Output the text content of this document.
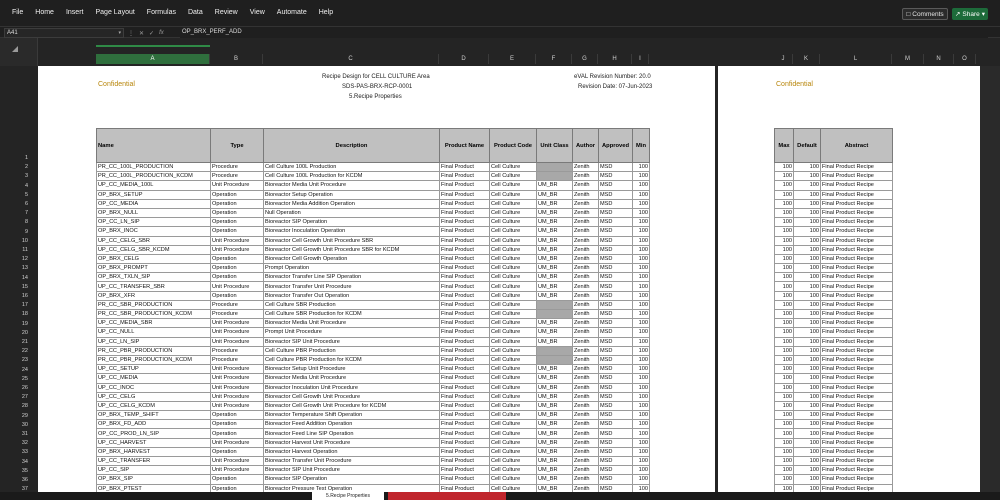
File	Home	Insert	Page Layout	Formulas	Data	Review	View	Automate	Help	□ Comments ↗ Share ▾
A41	▾ ⋮ ✕ ✓ fx	OP_BRX_PERF_ADD
A	B	C	D	E	F	G	H	I	J	K	L	M	N	O
1
2
3
4
5
6
7
8
9
10
11
12
13
14
15
16
17
18
19
20
21
22
23
24
25
26
27
28
29
30
31
32
33
34
35
36
37
Confidential
Recipe Design for CELL CULTURE Area
SDS-PAS-BRX-RCP-0001
5.Recipe Properties
eVAL Revision Number: 20.0
Revision Date: 07-Jun-2023
Name	Type	Description	Product Name	Product Code	Unit Class	Author	Approved	Min
PR_CC_100L_PRODUCTION	Procedure	Cell Culture 100L Production	Final Product	Cell Culture		Zenith	MSD	100
PR_CC_100L_PRODUCTION_KCDM	Procedure	Cell Culture 100L Production for KCDM	Final Product	Cell Culture		Zenith	MSD	100
UP_CC_MEDIA_100L	Unit Procedure	Bioreactor Media Unit Procedure	Final Product	Cell Culture	UM_BR	Zenith	MSD	100
OP_BRX_SETUP	Operation	Bioreactor Setup Operation	Final Product	Cell Culture	UM_BR	Zenith	MSD	100
OP_CC_MEDIA	Operation	Bioreactor Media Addition Operation	Final Product	Cell Culture	UM_BR	Zenith	MSD	100
OP_BRX_NULL	Operation	Null Operation	Final Product	Cell Culture	UM_BR	Zenith	MSD	100
OP_CC_LN_SIP	Operation	Bioreactor SIP Operation	Final Product	Cell Culture	UM_BR	Zenith	MSD	100
OP_BRX_INOC	Operation	Bioreactor Inoculation Operation	Final Product	Cell Culture	UM_BR	Zenith	MSD	100
UP_CC_CELG_SBR	Unit Procedure	Bioreactor Cell Growth Unit Procedure SBR	Final Product	Cell Culture	UM_BR	Zenith	MSD	100
UP_CC_CELG_SBR_KCDM	Unit Procedure	Bioreactor Cell Growth Unit Procedure SBR for KCDM	Final Product	Cell Culture	UM_BR	Zenith	MSD	100
OP_BRX_CELG	Operation	Bioreactor Cell Growth Operation	Final Product	Cell Culture	UM_BR	Zenith	MSD	100
OP_BRX_PROMPT	Operation	Prompt Operation	Final Product	Cell Culture	UM_BR	Zenith	MSD	100
OP_BRX_TXLN_SIP	Operation	Bioreactor Transfer Line SIP Operation	Final Product	Cell Culture	UM_BR	Zenith	MSD	100
UP_CC_TRANSFER_SBR	Unit Procedure	Bioreactor Transfer Unit Procedure	Final Product	Cell Culture	UM_BR	Zenith	MSD	100
OP_BRX_XFR	Operation	Bioreactor Transfer Out Operation	Final Product	Cell Culture	UM_BR	Zenith	MSD	100
PR_CC_SBR_PRODUCTION	Procedure	Cell Culture SBR Production	Final Product	Cell Culture		Zenith	MSD	100
PR_CC_SBR_PRODUCTION_KCDM	Procedure	Cell Culture SBR Production for KCDM	Final Product	Cell Culture		Zenith	MSD	100
UP_CC_MEDIA_SBR	Unit Procedure	Bioreactor Media Unit Procedure	Final Product	Cell Culture	UM_BR	Zenith	MSD	100
UP_CC_NULL	Unit Procedure	Prompt Unit Procedure	Final Product	Cell Culture	UM_BR	Zenith	MSD	100
UP_CC_LN_SIP	Unit Procedure	Bioreactor SIP Unit Procedure	Final Product	Cell Culture	UM_BR	Zenith	MSD	100
PR_CC_PBR_PRODUCTION	Procedure	Cell Culture PBR Production	Final Product	Cell Culture		Zenith	MSD	100
PR_CC_PBR_PRODUCTION_KCDM	Procedure	Cell Culture PBR Production for KCDM	Final Product	Cell Culture		Zenith	MSD	100
UP_CC_SETUP	Unit Procedure	Bioreactor Setup Unit Procedure	Final Product	Cell Culture	UM_BR	Zenith	MSD	100
UP_CC_MEDIA	Unit Procedure	Bioreactor Media Unit Procedure	Final Product	Cell Culture	UM_BR	Zenith	MSD	100
UP_CC_INOC	Unit Procedure	Bioreactor Inoculation Unit Procedure	Final Product	Cell Culture	UM_BR	Zenith	MSD	100
UP_CC_CELG	Unit Procedure	Bioreactor Cell Growth Unit Procedure	Final Product	Cell Culture	UM_BR	Zenith	MSD	100
UP_CC_CELG_KCDM	Unit Procedure	Bioreactor Cell Growth Unit Procedure for KCDM	Final Product	Cell Culture	UM_BR	Zenith	MSD	100
OP_BRX_TEMP_SHIFT	Operation	Bioreactor Temperature Shift Operation	Final Product	Cell Culture	UM_BR	Zenith	MSD	100
OP_BRX_FD_ADD	Operation	Bioreactor Feed Addition Operation	Final Product	Cell Culture	UM_BR	Zenith	MSD	100
OP_CC_PROD_LN_SIP	Operation	Bioreactor Feed Line SIP Operation	Final Product	Cell Culture	UM_BR	Zenith	MSD	100
UP_CC_HARVEST	Unit Procedure	Bioreactor Harvest Unit Procedure	Final Product	Cell Culture	UM_BR	Zenith	MSD	100
OP_BRX_HARVEST	Operation	Bioreactor Harvest Operation	Final Product	Cell Culture	UM_BR	Zenith	MSD	100
UP_CC_TRANSFER	Unit Procedure	Bioreactor Transfer Unit Procedure	Final Product	Cell Culture	UM_BR	Zenith	MSD	100
UP_CC_SIP	Unit Procedure	Bioreactor SIP Unit Procedure	Final Product	Cell Culture	UM_BR	Zenith	MSD	100
OP_BRX_SIP	Operation	Bioreactor SIP Operation	Final Product	Cell Culture	UM_BR	Zenith	MSD	100
OP_BRX_PTEST	Operation	Bioreactor Pressure Test Operation	Final Product	Cell Culture	UM_BR	Zenith	MSD	100
Confidential
Max	Default	Abstract
100	100	Final Product Recipe
100	100	Final Product Recipe
100	100	Final Product Recipe
100	100	Final Product Recipe
100	100	Final Product Recipe
100	100	Final Product Recipe
100	100	Final Product Recipe
100	100	Final Product Recipe
100	100	Final Product Recipe
100	100	Final Product Recipe
100	100	Final Product Recipe
100	100	Final Product Recipe
100	100	Final Product Recipe
100	100	Final Product Recipe
100	100	Final Product Recipe
100	100	Final Product Recipe
100	100	Final Product Recipe
100	100	Final Product Recipe
100	100	Final Product Recipe
100	100	Final Product Recipe
100	100	Final Product Recipe
100	100	Final Product Recipe
100	100	Final Product Recipe
100	100	Final Product Recipe
100	100	Final Product Recipe
100	100	Final Product Recipe
100	100	Final Product Recipe
100	100	Final Product Recipe
100	100	Final Product Recipe
100	100	Final Product Recipe
100	100	Final Product Recipe
100	100	Final Product Recipe
100	100	Final Product Recipe
100	100	Final Product Recipe
100	100	Final Product Recipe
100	100	Final Product Recipe
5.Recipe Properties
